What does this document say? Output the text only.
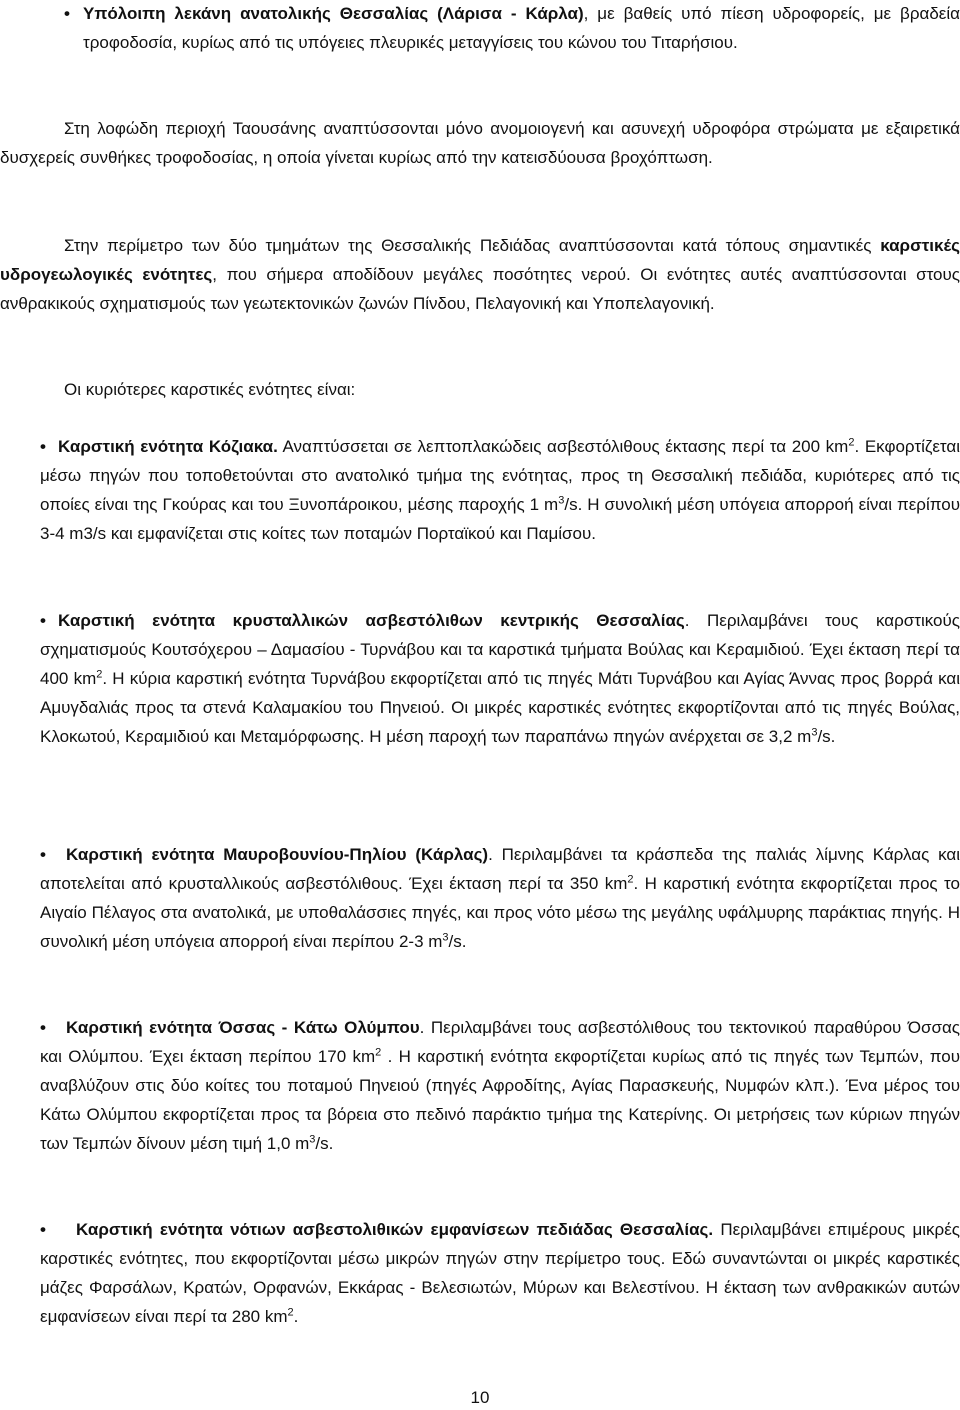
• Υπόλοιπη λεκάνη ανατολικής Θεσσαλίας (Λάρισα - Κάρλα), με βαθείς υπό πίεση υδροφορείς, με βραδεία τροφοδοσία, κυρίως από τις υπόγειες πλευρικές μεταγγίσεις του κώνου του Τιταρήσιου.

Στη λοφώδη περιοχή Ταουσάνης αναπτύσσονται μόνο ανομοιογενή και ασυνεχή υδροφόρα στρώματα με εξαιρετικά δυσχερείς συνθήκες τροφοδοσίας, η οποία γίνεται κυρίως από την κατεισδύουσα βροχόπτωση.

Στην περίμετρο των δύο τμημάτων της Θεσσαλικής Πεδιάδας αναπτύσσονται κατά τόπους σημαντικές καρστικές υδρογεωλογικές ενότητες, που σήμερα αποδίδουν μεγάλες ποσότητες νερού. Οι ενότητες αυτές αναπτύσσονται στους ανθρακικούς σχηματισμούς των γεωτεκτονικών ζωνών Πίνδου, Πελαγονική και Υποπελαγονική.

Οι κυριότερες καρστικές ενότητες είναι:

• Καρστική ενότητα Κόζιακα. Αναπτύσσεται σε λεπτοπλακώδεις ασβεστόλιθους έκτασης περί τα 200 $km^2$. Εκφορτίζεται μέσω πηγών που τοποθετούνται στο ανατολικό τμήμα της ενότητας, προς τη Θεσσαλική πεδιάδα, κυριότερες από τις οποίες είναι της Γκούρας και του Ξυνοπάροικου, μέσης παροχής 1 $m^3/s$. Η συνολική μέση υπόγεια απορροή είναι περίπου 3-4 m3/s και εμφανίζεται στις κοίτες των ποταμών Πορταϊκού και Παμίσου.

• Καρστική ενότητα κρυσταλλικών ασβεστόλιθων κεντρικής Θεσσαλίας. Περιλαμβάνει τους καρστικούς σχηματισμούς Κουτσόχερου – Δαμασίου - Τυρνάβου και τα καρστικά τμήματα Βούλας και Κεραμιδιού. Έχει έκταση περί τα 400 $km^2$. Η κύρια καρστική ενότητα Τυρνάβου εκφορτίζεται από τις πηγές Μάτι Τυρνάβου και Αγίας Άννας προς βορρά και Αμυγδαλιάς προς τα στενά Καλαμακίου του Πηνειού. Οι μικρές καρστικές ενότητες εκφορτίζονται από τις πηγές Βούλας, Κλοκωτού, Κεραμιδιού και Μεταμόρφωσης. Η μέση παροχή των παραπάνω πηγών ανέρχεται σε 3,2 $m^3/s$.

•	Καρστική ενότητα Μαυροβουνίου-Πηλίου (Κάρλας). Περιλαμβάνει τα κράσπεδα της παλιάς λίμνης Κάρλας και αποτελείται από κρυσταλλικούς ασβεστόλιθους. Έχει έκταση περί τα 350 $km^2$. Η καρστική ενότητα εκφορτίζεται προς το Αιγαίο Πέλαγος στα ανατολικά, με υποθαλάσσιες πηγές, και προς νότο μέσω της μεγάλης υφάλμυρης παράκτιας πηγής. Η συνολική μέση υπόγεια απορροή είναι περίπου 2-3 $m^3/s$.

•	Καρστική ενότητα Όσσας - Κάτω Ολύμπου. Περιλαμβάνει τους ασβεστόλιθους του τεκτονικού παραθύρου Όσσας και Ολύμπου. Έχει έκταση περίπου 170 $km^2$ . Η καρστική ενότητα εκφορτίζεται κυρίως από τις πηγές των Τεμπών, που αναβλύζουν στις δύο κοίτες του ποταμού Πηνειού (πηγές Αφροδίτης, Αγίας Παρασκευής, Νυμφών κλπ.). Ένα μέρος του Κάτω Ολύμπου εκφορτίζεται προς τα βόρεια στο πεδινό παράκτιο τμήμα της Κατερίνης. Οι μετρήσεις των κύριων πηγών των Τεμπών δίνουν μέση τιμή 1,0 $m^3/s$.

•	Καρστική ενότητα νότιων ασβεστολιθικών εμφανίσεων πεδιάδας Θεσσαλίας. Περιλαμβάνει επιμέρους μικρές καρστικές ενότητες, που εκφορτίζονται μέσω μικρών πηγών στην περίμετρο τους. Εδώ συναντώνται οι μικρές καρστικές μάζες Φαρσάλων, Κρατών, Ορφανών, Εκκάρας - Βελεσιωτών, Μύρων και Βελεστίνου. Η έκταση των ανθρακικών αυτών εμφανίσεων είναι περί τα 280 $km^2$.

10
